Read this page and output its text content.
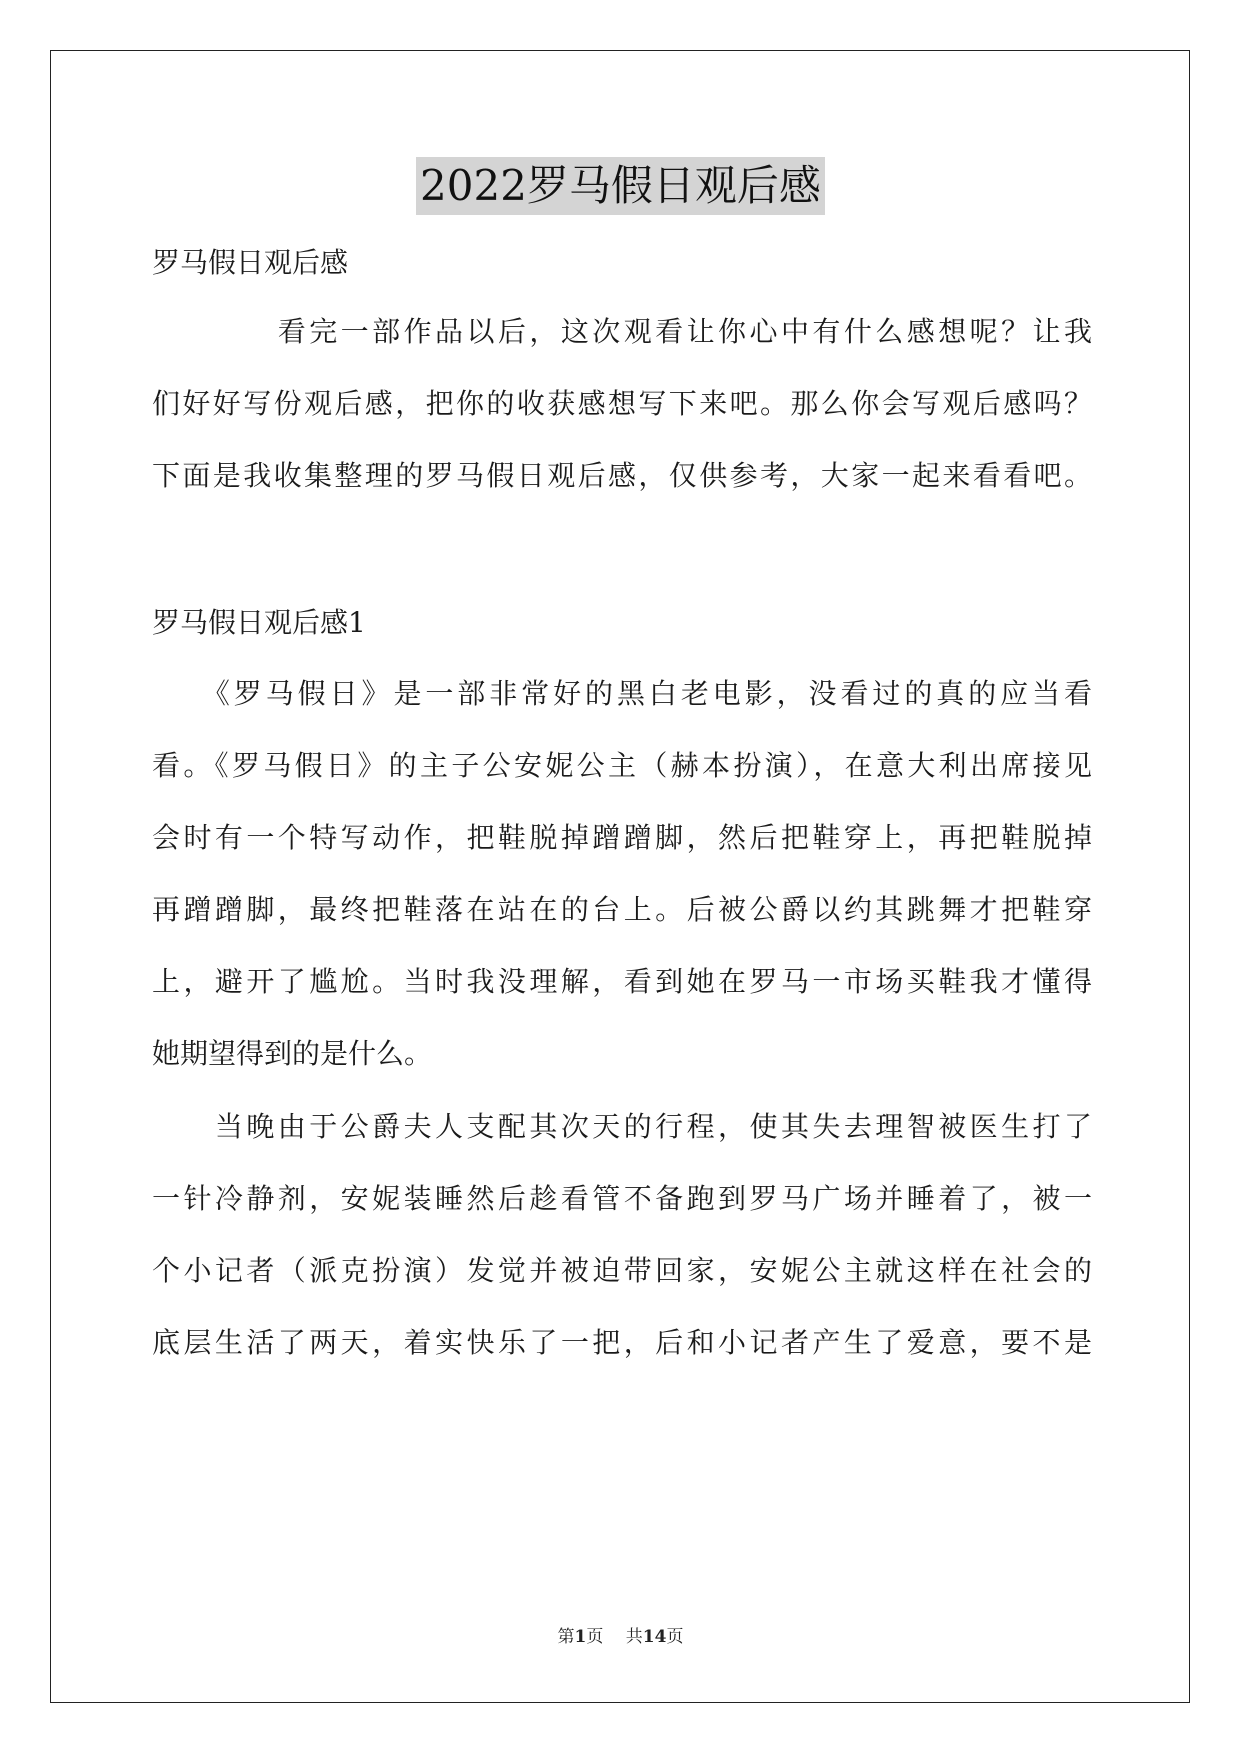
2022罗马假日观后感
罗马假日观后感
　　　　看完一部作品以后，这次观看让你心中有什么感想呢？让我
们好好写份观后感，把你的收获感想写下来吧。那么你会写观后感吗？
下面是我收集整理的罗马假日观后感，仅供参考，大家一起来看看吧。
罗马假日观后感1
　　《罗马假日》是一部非常好的黑白老电影，没看过的真的应当看
看。《罗马假日》的主子公安妮公主（赫本扮演），在意大利出席接见
会时有一个特写动作，把鞋脱掉蹭蹭脚，然后把鞋穿上，再把鞋脱掉
再蹭蹭脚，最终把鞋落在站在的台上。后被公爵以约其跳舞才把鞋穿
上，避开了尴尬。当时我没理解，看到她在罗马一市场买鞋我才懂得
她期望得到的是什么。
　　当晚由于公爵夫人支配其次天的行程，使其失去理智被医生打了
一针冷静剂，安妮装睡然后趁看管不备跑到罗马广场并睡着了，被一
个小记者（派克扮演）发觉并被迫带回家，安妮公主就这样在社会的
底层生活了两天，着实快乐了一把，后和小记者产生了爱意，要不是
第1页　 共14页
